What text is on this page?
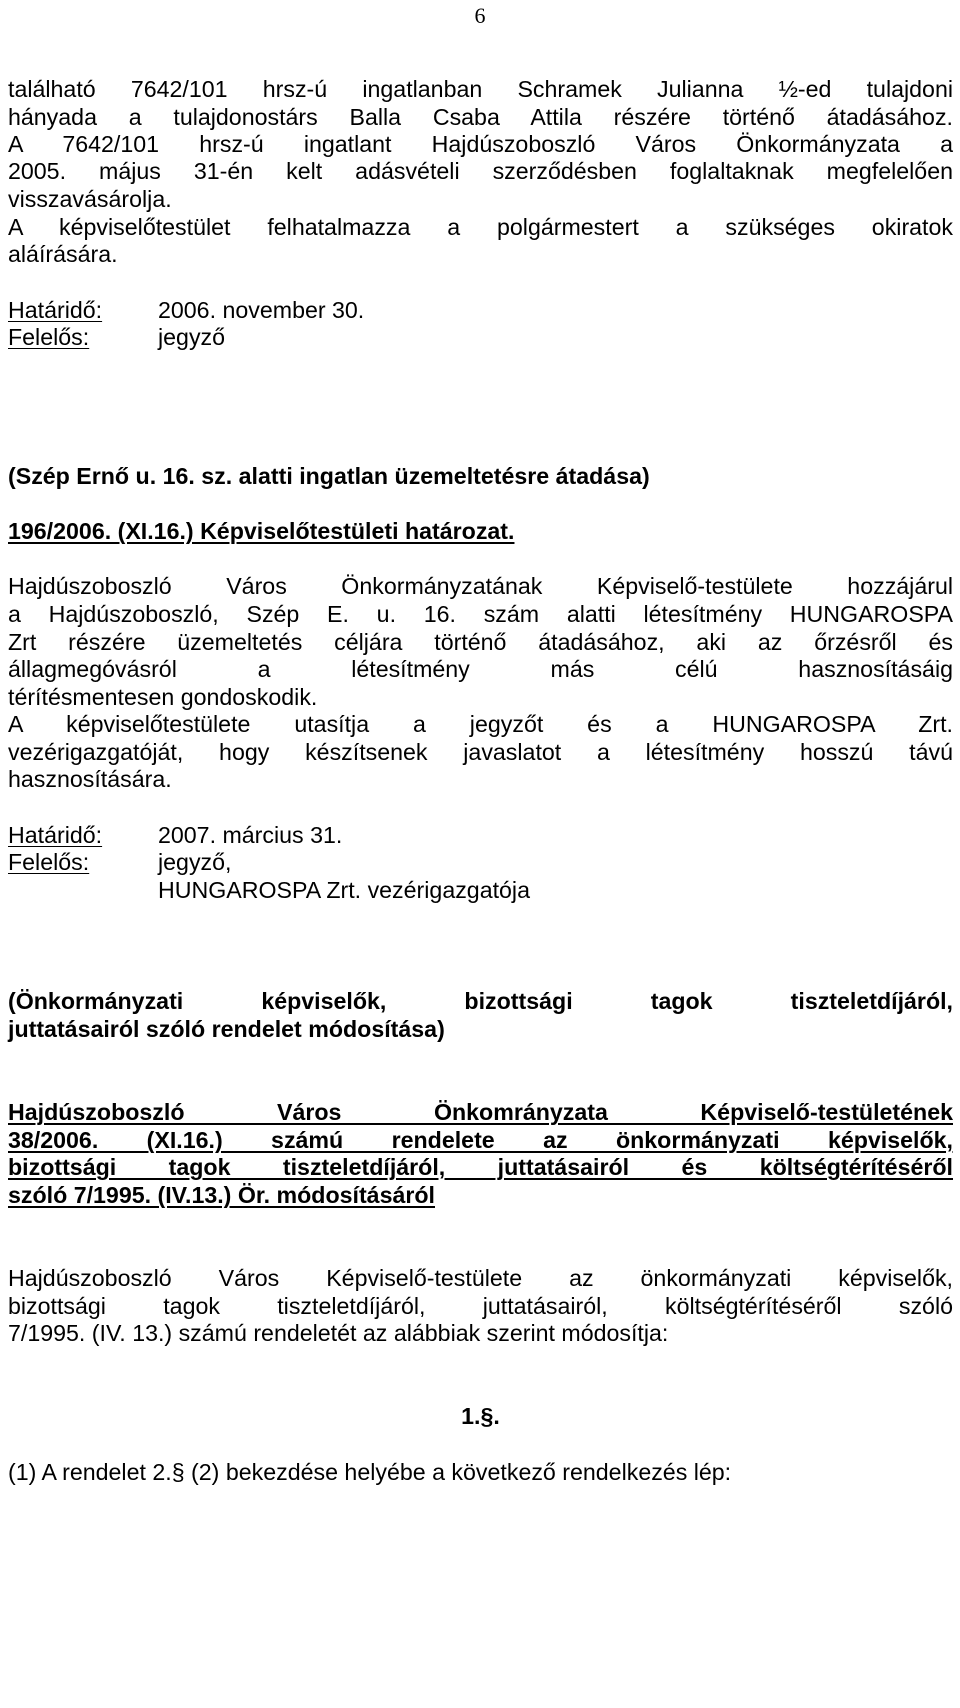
6
található 7642/101 hrsz-ú ingatlanban Schramek Julianna ½-ed tulajdoni
hányada a tulajdonostárs Balla Csaba Attila részére történő átadásához.
A 7642/101 hrsz-ú ingatlant Hajdúszoboszló Város Önkormányzata a
2005. május 31-én kelt adásvételi szerződésben foglaltaknak megfelelően
visszavásárolja.
A képviselőtestület felhatalmazza a polgármestert a szükséges okiratok
aláírására.
Határidő:	2006. november 30.
Felelős:	jegyző
(Szép Ernő u. 16. sz. alatti ingatlan üzemeltetésre átadása)
196/2006. (XI.16.) Képviselőtestületi határozat.
Hajdúszoboszló Város Önkormányzatának Képviselő-testülete hozzájárul
a Hajdúszoboszló, Szép E. u. 16. szám alatti létesítmény HUNGAROSPA
Zrt részére üzemeltetés céljára történő átadásához, aki az őrzésről és
állagmegóvásról a létesítmény más célú hasznosításáig
térítésmentesen gondoskodik.
A képviselőtestülete utasítja a jegyzőt és a HUNGAROSPA Zrt.
vezérigazgatóját, hogy készítsenek javaslatot a létesítmény hosszú távú
hasznosítására.
Határidő:	2007. március 31.
Felelős:	jegyző,
HUNGAROSPA Zrt. vezérigazgatója
(Önkormányzati képviselők, bizottsági tagok tiszteletdíjáról,
juttatásairól szóló rendelet módosítása)
Hajdúszoboszló Város Önkomrányzata Képviselő-testületének
38/2006. (XI.16.) számú rendelete az önkormányzati képviselők,
bizottsági tagok tiszteletdíjáról, juttatásairól és költségtérítéséről
szóló 7/1995. (IV.13.) Ör. módosításáról
Hajdúszoboszló Város Képviselő-testülete az önkormányzati képviselők,
bizottsági tagok tiszteletdíjáról, juttatásairól, költségtérítéséről szóló
7/1995. (IV. 13.) számú rendeletét az alábbiak szerint módosítja:
1.§.
(1) A rendelet 2.§ (2) bekezdése helyébe a következő rendelkezés lép:
